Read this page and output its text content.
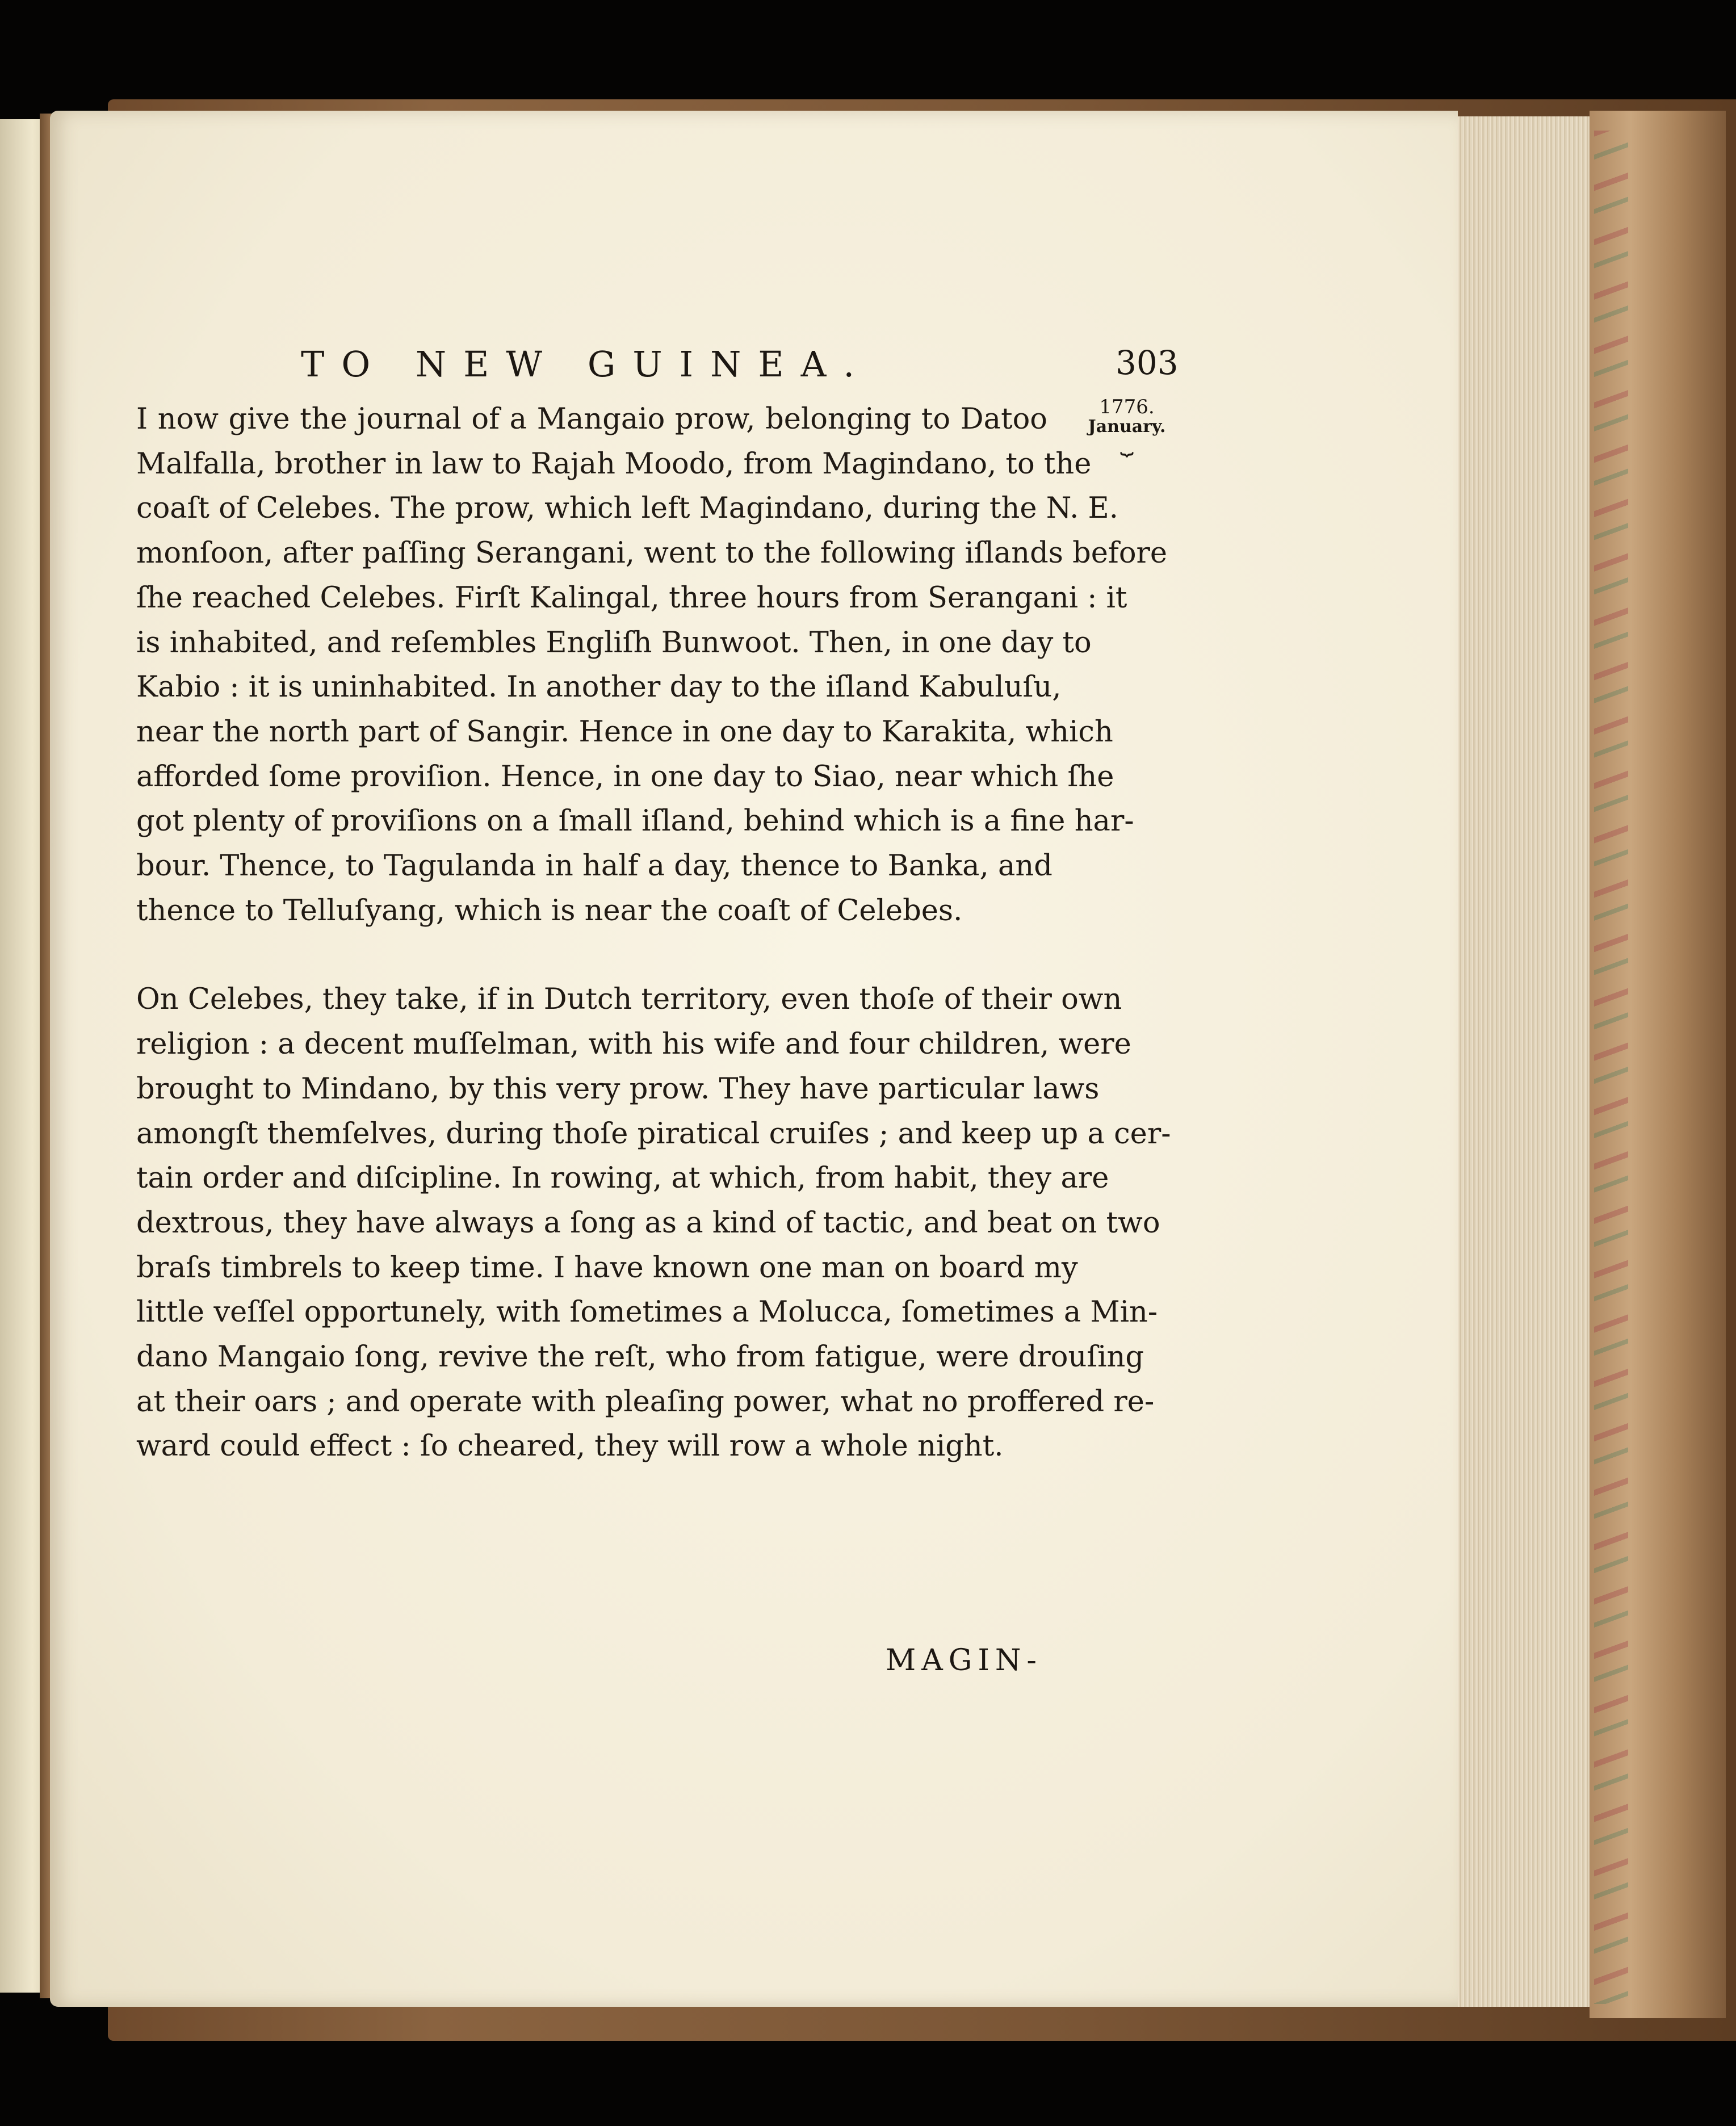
TO NEW GUINEA.	303
1776.
January.
⏟
I now give the journal of a Mangaio prow, belonging to Datoo
Malfalla, brother in law to Rajah Moodo, from Magindano, to the
coaſt of Celebes. The prow, which left Magindano, during the N. E.
monſoon, after paſſing Serangani, went to the following iſlands before
ſhe reached Celebes. Firſt Kalingal, three hours from Serangani : it
is inhabited, and reſembles Engliſh Bunwoot. Then, in one day to
Kabio : it is uninhabited. In another day to the iſland Kabuluſu,
near the north part of Sangir. Hence in one day to Karakita, which
afforded ſome proviſion. Hence, in one day to Siao, near which ſhe
got plenty of proviſions on a ſmall iſland, behind which is a fine har-
bour. Thence, to Tagulanda in half a day, thence to Banka, and
thence to Telluſyang, which is near the coaſt of Celebes.
On Celebes, they take, if in Dutch territory, even thoſe of their own
religion : a decent muſſelman, with his wife and four children, were
brought to Mindano, by this very prow. They have particular laws
amongſt themſelves, during thoſe piratical cruiſes ; and keep up a cer-
tain order and diſcipline. In rowing, at which, from habit, they are
dextrous, they have always a ſong as a kind of tactic, and beat on two
braſs timbrels to keep time. I have known one man on board my
little veſſel opportunely, with ſometimes a Molucca, ſometimes a Min-
dano Mangaio ſong, revive the reſt, who from fatigue, were drouſing
at their oars ; and operate with pleaſing power, what no proffered re-
ward could effect : ſo cheared, they will row a whole night.
MAGIN-
